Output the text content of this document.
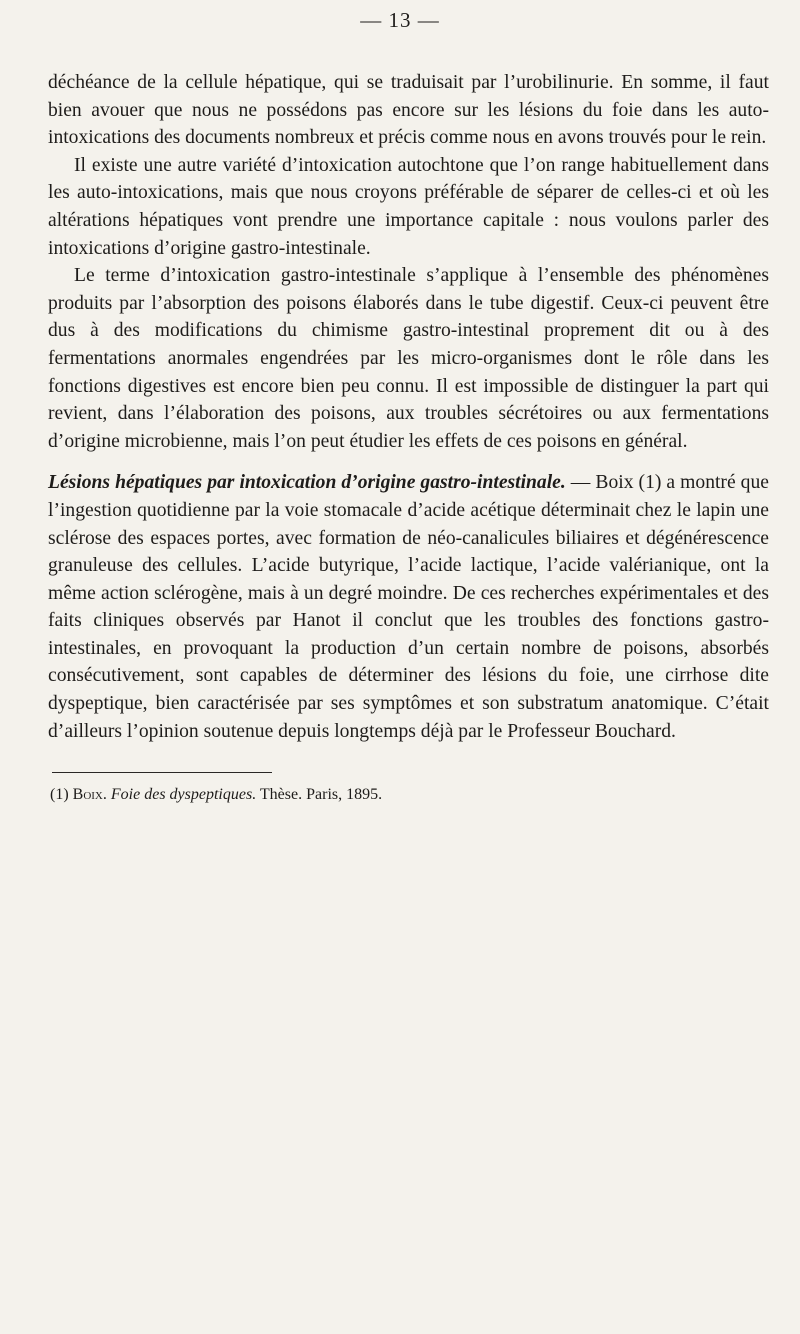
— 13 —

déchéance de la cellule hépatique, qui se traduisait par l’urobilinurie. En somme, il faut bien avouer que nous ne possédons pas encore sur les lésions du foie dans les auto-intoxications des documents nombreux et précis comme nous en avons trouvés pour le rein.

Il existe une autre variété d’intoxication autochtone que l’on range habituellement dans les auto-intoxications, mais que nous croyons préférable de séparer de celles-ci et où les altérations hépatiques vont prendre une importance capitale : nous voulons parler des intoxications d’origine gastro-intestinale.

Le terme d’intoxication gastro-intestinale s’applique à l’ensemble des phénomènes produits par l’absorption des poisons élaborés dans le tube digestif. Ceux-ci peuvent être dus à des modifications du chimisme gastro-intestinal proprement dit ou à des fermentations anormales engendrées par les micro-organismes dont le rôle dans les fonctions digestives est encore bien peu connu. Il est impossible de distinguer la part qui revient, dans l’élaboration des poisons, aux troubles sécrétoires ou aux fermentations d’origine microbienne, mais l’on peut étudier les effets de ces poisons en général.

Lésions hépatiques par intoxication d’origine gastro-intestinale. — Boix (1) a montré que l’ingestion quotidienne par la voie stomacale d’acide acétique déterminait chez le lapin une sclérose des espaces portes, avec formation de néo-canalicules biliaires et dégénérescence granuleuse des cellules. L’acide butyrique, l’acide lactique, l’acide valérianique, ont la même action sclérogène, mais à un degré moindre. De ces recherches expérimentales et des faits cliniques observés par Hanot il conclut que les troubles des fonctions gastro-intestinales, en provoquant la production d’un certain nombre de poisons, absorbés consécutivement, sont capables de déterminer des lésions du foie, une cirrhose dite dyspeptique, bien caractérisée par ses symptômes et son substratum anatomique. C’était d’ailleurs l’opinion soutenue depuis longtemps déjà par le Professeur Bouchard.

(1) Boix. Foie des dyspeptiques. Thèse. Paris, 1895.
